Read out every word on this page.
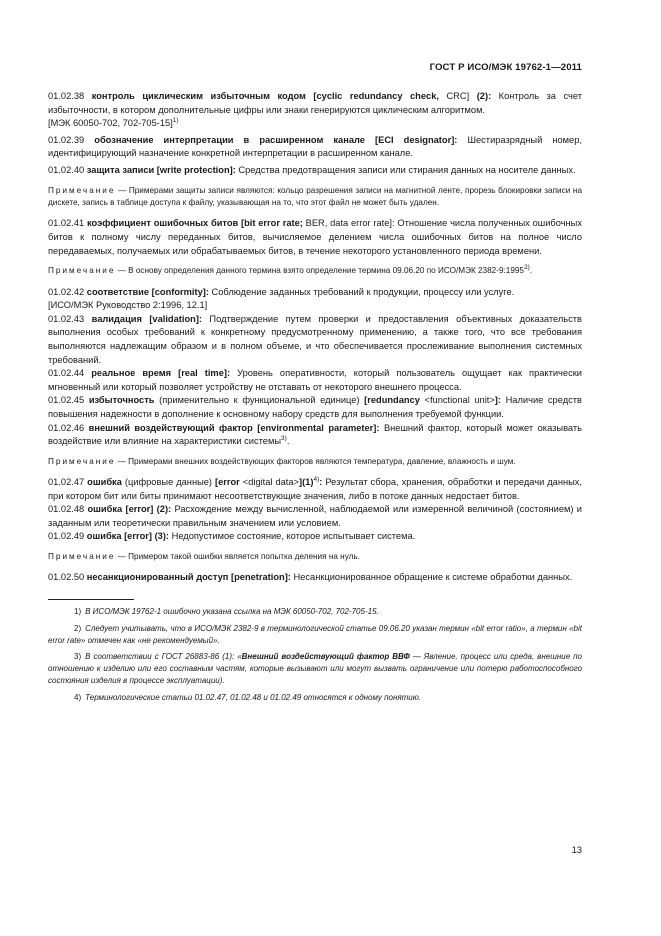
ГОСТ Р ИСО/МЭК 19762-1—2011

01.02.38 контроль циклическим избыточным кодом [cyclic redundancy check, CRC] (2): Контроль за счет избыточности, в котором дополнительные цифры или знаки генерируются циклическим алгоритмом.

[МЭК 60050-702, 702-705-15]$^{1)}$

01.02.39 обозначение интерпретации в расширенном канале [ECI designator]: Шестиразрядный номер, идентифицирующий назначение конкретной интерпретации в расширенном канале.

01.02.40 защита записи [write protection]: Средства предотвращения записи или стирания данных на носителе данных.

Примечание — Примерами защиты записи являются: кольцо разрешения записи на магнитной ленте, прорезь блокировки записи на дискете, запись в таблице доступа к файлу, указывающая на то, что этот файл не может быть удален.

01.02.41 коэффициент ошибочных битов [bit error rate; BER, data error rate]: Отношение числа полученных ошибочных битов к полному числу переданных битов, вычисляемое делением числа ошибочных битов на полное число передаваемых, получаемых или обрабатываемых битов, в течение некоторого установленного периода времени.

Примечание — В основу определения данного термина взято определение термина 09.06.20 по ИСО/МЭК 2382-9:1995$^{2)}$.

01.02.42 соответствие [conformity]: Соблюдение заданных требований к продукции, процессу или услуге.

[ИСО/МЭК Руководство 2:1996, 12.1]

01.02.43 валидация [validation]: Подтверждение путем проверки и предоставления объективных доказательств выполнения особых требований к конкретному предусмотренному применению, а также того, что все требования выполняются надлежащим образом и в полном объеме, и что обеспечивается прослеживание выполнения системных требований.

01.02.44 реальное время [real time]: Уровень оперативности, который пользователь ощущает как практически мгновенный или который позволяет устройству не отставать от некоторого внешнего процесса.

01.02.45 избыточность (применительно к функциональной единице) [redundancy <functional unit>]: Наличие средств повышения надежности в дополнение к основному набору средств для выполнения требуемой функции.

01.02.46 внешний воздействующий фактор [environmental parameter]: Внешний фактор, который может оказывать воздействие или влияние на характеристики системы$^{3)}$.

Примечание — Примерами внешних воздействующих факторов являются температура, давление, влажность и шум.

01.02.47 ошибка (цифровые данные) [error <digital $data>](1)^{4)}$: Результат сбора, хранения, обработки и передачи данных, при котором бит или биты принимают несоответствующие значения, либо в потоке данных недостает битов.

01.02.48 ошибка [error] (2): Расхождение между вычисленной, наблюдаемой или измеренной величиной (состоянием) и заданным или теоретически правильным значением или условием.

01.02.49 ошибка [error] (3): Недопустимое состояние, которое испытывает система.

Примечание — Примером такой ошибки является попытка деления на нуль.

01.02.50 несанкционированный доступ [penetration]: Несанкционированное обращение к системе обработки данных.

1) В ИСО/МЭК 19762-1 ошибочно указана ссылка на МЭК 60050-702, 702-705-15.

2) Следует учитывать, что в ИСО/МЭК 2382-9 в терминологической статье 09.06.20 указан термин «bit error ratio», а термин «bit error rate» отмечен как «не рекомендуемый».

3) В соответствии с ГОСТ 26883-86 (1): «Внешний воздействующий фактор ВВФ — Явление, процесс или среда, внешние по отношению к изделию или его составным частям, которые вызывают или могут вызвать ограничение или потерю работоспособного состояния изделия в процессе эксплуатации).

4) Терминологические статьи 01.02.47, 01.02.48 и 01.02.49 относятся к одному понятию.

13
